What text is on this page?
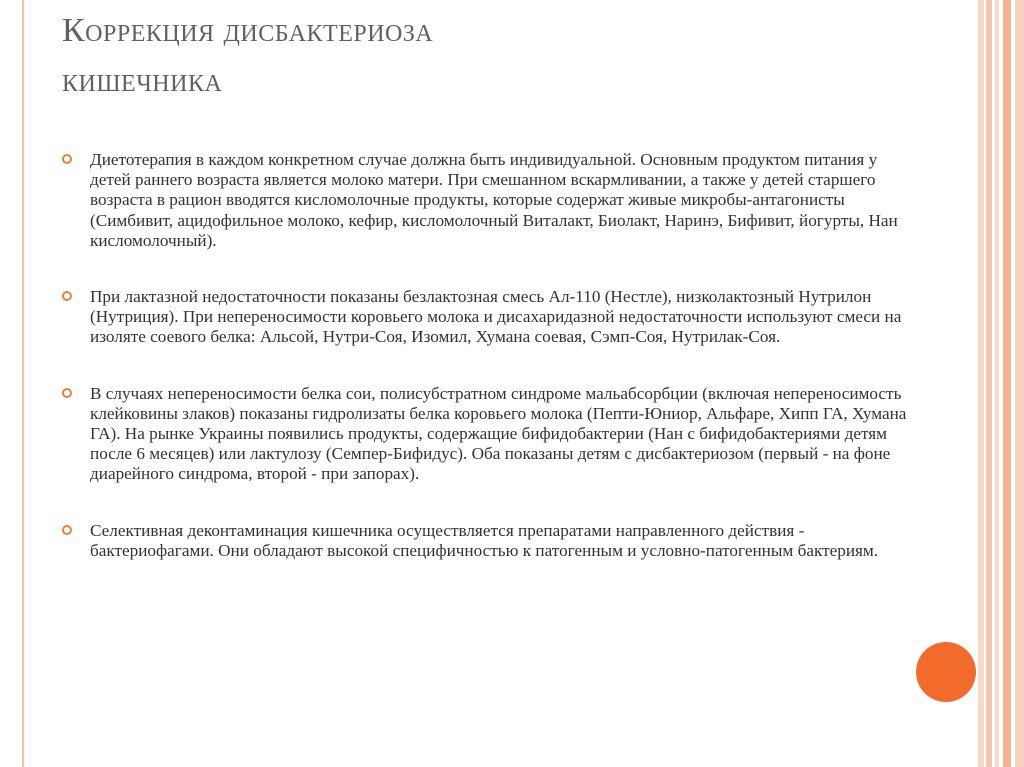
Коррекция дисбактериоза
кишечника
Диетотерапия в каждом конкретном случае должна быть индивидуальной. Основным продуктом питания у детей раннего возраста является молоко матери. При смешанном вскармливании, а также у детей старшего возраста в рацион вводятся кисломолочные продукты, которые содержат живые микробы-антагонисты (Симбивит, ацидофильное молоко, кефир, кисломолочный Виталакт, Биолакт, Наринэ, Бифивит, йогурты, Нан кисломолочный).
При лактазной недостаточности показаны безлактозная смесь Ал-110 (Нестле), низколактозный Нутрилон (Нутриция). При непереносимости коровьего молока и дисахаридазной недостаточности используют смеси на изоляте соевого белка: Альсой, Нутри-Соя, Изомил, Хумана соевая, Сэмп-Соя, Нутрилак-Соя.
В случаях непереносимости белка сои, полисубстратном синдроме мальабсорбции (включая непереносимость клейковины злаков) показаны гидролизаты белка коровьего молока (Пепти-Юниор, Альфаре, Хипп ГА, Хумана ГА). На рынке Украины появились продукты, содержащие бифидобактерии (Нан с бифидобактериями детям после 6 месяцев) или лактулозу (Семпер-Бифидус). Оба показаны детям с дисбактериозом (первый - на фоне диарейного синдрома, второй - при запорах).
Селективная деконтаминация кишечника осуществляется препаратами направленного действия - бактериофагами. Они обладают высокой специфичностью к патогенным и условно-патогенным бактериям.
